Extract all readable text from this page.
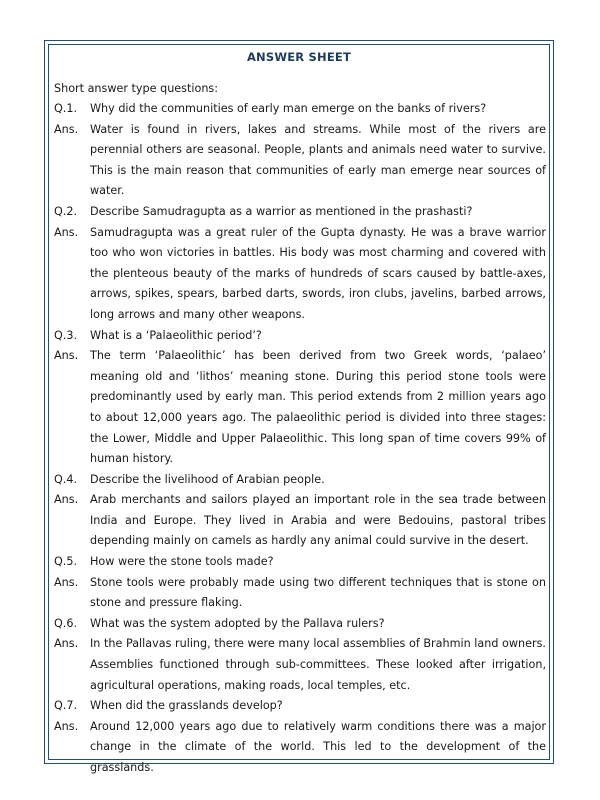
ANSWER SHEET
Short answer type questions:
Q.1.	Why did the communities of early man emerge on the banks of rivers?
Ans.	Water is found in rivers, lakes and streams. While most of the rivers are perennial others are seasonal. People, plants and animals need water to survive. This is the main reason that communities of early man emerge near sources of water.
Q.2.	Describe Samudragupta as a warrior as mentioned in the prashasti?
Ans.	Samudragupta was a great ruler of the Gupta dynasty. He was a brave warrior too who won victories in battles. His body was most charming and covered with the plenteous beauty of the marks of hundreds of scars caused by battle-axes, arrows, spikes, spears, barbed darts, swords, iron clubs, javelins, barbed arrows, long arrows and many other weapons.
Q.3.	What is a ‘Palaeolithic period’?
Ans.	The term ‘Palaeolithic’ has been derived from two Greek words, ‘palaeo’ meaning old and ‘lithos’ meaning stone. During this period stone tools were predominantly used by early man. This period extends from 2 million years ago to about 12,000 years ago. The palaeolithic period is divided into three stages: the Lower, Middle and Upper Palaeolithic. This long span of time covers 99% of human history.
Q.4.	Describe the livelihood of Arabian people.
Ans.	Arab merchants and sailors played an important role in the sea trade between India and Europe. They lived in Arabia and were Bedouins, pastoral tribes depending mainly on camels as hardly any animal could survive in the desert.
Q.5.	How were the stone tools made?
Ans.	Stone tools were probably made using two different techniques that is stone on stone and pressure flaking.
Q.6.	What was the system adopted by the Pallava rulers?
Ans.	In the Pallavas ruling, there were many local assemblies of Brahmin land owners. Assemblies functioned through sub-committees. These looked after irrigation, agricultural operations, making roads, local temples, etc.
Q.7.	When did the grasslands develop?
Ans.	Around 12,000 years ago due to relatively warm conditions there was a major change in the climate of the world. This led to the development of the grasslands.
